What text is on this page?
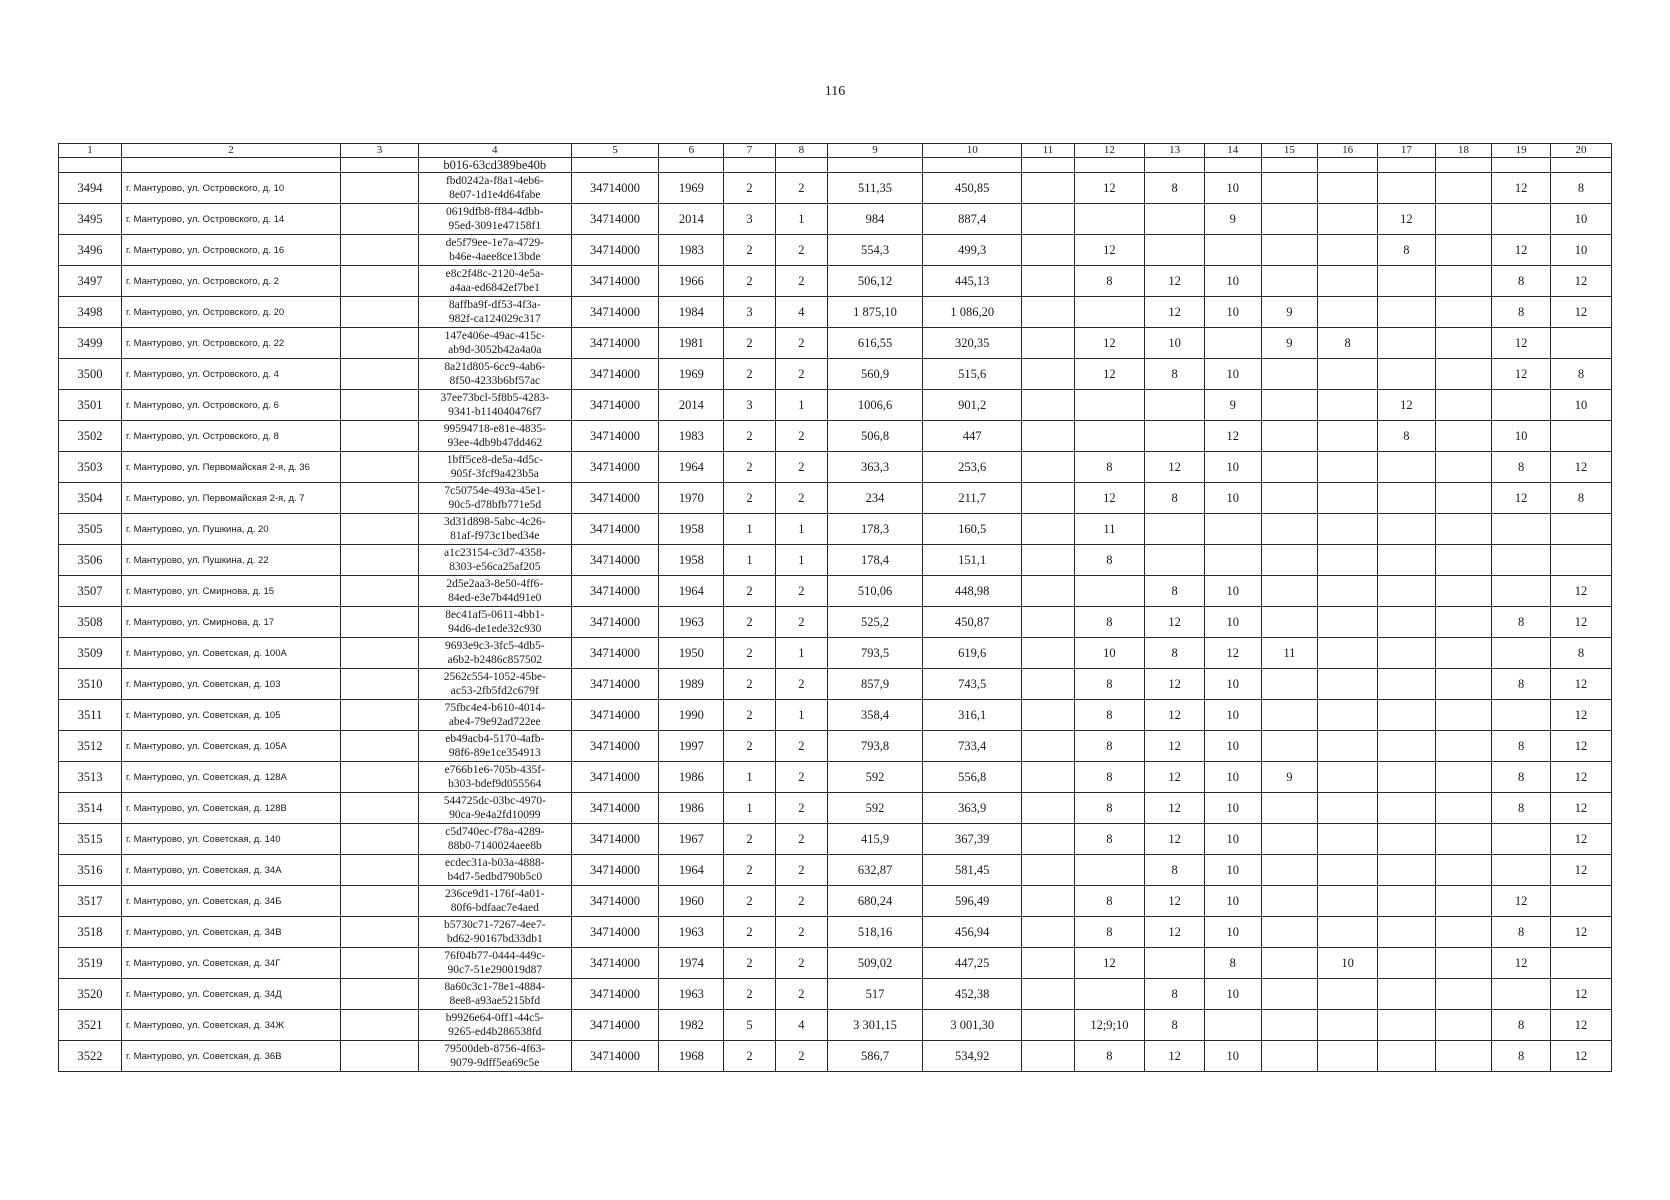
116
1	2	3	4	5	6	7	8	9	10	11	12	13	14	15	16	17	18	19	20
			b016-63cd389be40b																
3494	г. Мантурово, ул. Островского, д. 10		fbd0242a-f8a1-4eb6-
8e07-1d1e4d64fabe	34714000	1969	2	2	511,35	450,85		12	8	10					12	8
3495	г. Мантурово, ул. Островского, д. 14		0619dfb8-ff84-4dbb-
95ed-3091e47158f1	34714000	2014	3	1	984	887,4				9			12			10
3496	г. Мантурово, ул. Островского, д. 16		de5f79ee-1e7a-4729-
b46e-4aee8ce13bde	34714000	1983	2	2	554,3	499,3		12					8		12	10
3497	г. Мантурово, ул. Островского, д. 2		e8c2f48c-2120-4e5a-
a4aa-ed6842ef7be1	34714000	1966	2	2	506,12	445,13		8	12	10					8	12
3498	г. Мантурово, ул. Островского, д. 20		8affba9f-df53-4f3a-
982f-ca124029c317	34714000	1984	3	4	1 875,10	1 086,20			12	10	9				8	12
3499	г. Мантурово, ул. Островского, д. 22		147e406e-49ac-415c-
ab9d-3052b42a4a0a	34714000	1981	2	2	616,55	320,35		12	10		9	8			12	
3500	г. Мантурово, ул. Островского, д. 4		8a21d805-6cc9-4ab6-
8f50-4233b6bf57ac	34714000	1969	2	2	560,9	515,6		12	8	10					12	8
3501	г. Мантурово, ул. Островского, д. 6		37ee73bcl-5f8b5-4283-
9341-b114040476f7	34714000	2014	3	1	1006,6	901,2				9			12			10
3502	г. Мантурово, ул. Островского, д. 8		99594718-e81e-4835-
93ee-4db9b47dd462	34714000	1983	2	2	506,8	447				12			8		10	
3503	г. Мантурово, ул. Первомайская 2-я, д. 36		1bff5ce8-de5a-4d5c-
905f-3fcf9a423b5a	34714000	1964	2	2	363,3	253,6		8	12	10					8	12
3504	г. Мантурово, ул. Первомайская 2-я, д. 7		7c50754e-493a-45e1-
90c5-d78bfb771e5d	34714000	1970	2	2	234	211,7		12	8	10					12	8
3505	г. Мантурово, ул. Пушкина, д. 20		3d31d898-5abc-4c26-
81af-f973c1bed34e	34714000	1958	1	1	178,3	160,5		11								
3506	г. Мантурово, ул. Пушкина, д. 22		a1c23154-c3d7-4358-
8303-e56ca25af205	34714000	1958	1	1	178,4	151,1		8								
3507	г. Мантурово, ул. Смирнова, д. 15		2d5e2aa3-8e50-4ff6-
84ed-e3e7b44d91e0	34714000	1964	2	2	510,06	448,98			8	10						12
3508	г. Мантурово, ул. Смирнова, д. 17		8ec41af5-0611-4bb1-
94d6-de1ede32c930	34714000	1963	2	2	525,2	450,87		8	12	10					8	12
3509	г. Мантурово, ул. Советская, д. 100А		9693e9c3-3fc5-4db5-
a6b2-b2486c857502	34714000	1950	2	1	793,5	619,6		10	8	12	11					8
3510	г. Мантурово, ул. Советская, д. 103		2562c554-1052-45be-
ac53-2fb5fd2c679f	34714000	1989	2	2	857,9	743,5		8	12	10					8	12
3511	г. Мантурово, ул. Советская, д. 105		75fbc4e4-b610-4014-
abe4-79e92ad722ee	34714000	1990	2	1	358,4	316,1		8	12	10						12
3512	г. Мантурово, ул. Советская, д. 105А		eb49acb4-5170-4afb-
98f6-89e1ce354913	34714000	1997	2	2	793,8	733,4		8	12	10					8	12
3513	г. Мантурово, ул. Советская, д. 128А		e766b1e6-705b-435f-
b303-bdef9d055564	34714000	1986	1	2	592	556,8		8	12	10	9				8	12
3514	г. Мантурово, ул. Советская, д. 128В		544725dc-03bc-4970-
90ca-9e4a2fd10099	34714000	1986	1	2	592	363,9		8	12	10					8	12
3515	г. Мантурово, ул. Советская, д. 140		c5d740ec-f78a-4289-
88b0-7140024aee8b	34714000	1967	2	2	415,9	367,39		8	12	10						12
3516	г. Мантурово, ул. Советская, д. 34А		ecdec31a-b03a-4888-
b4d7-5edbd790b5c0	34714000	1964	2	2	632,87	581,45			8	10						12
3517	г. Мантурово, ул. Советская, д. 34Б		236ce9d1-176f-4a01-
80f6-bdfaac7e4aed	34714000	1960	2	2	680,24	596,49		8	12	10					12	
3518	г. Мантурово, ул. Советская, д. 34В		b5730c71-7267-4ee7-
bd62-90167bd33db1	34714000	1963	2	2	518,16	456,94		8	12	10					8	12
3519	г. Мантурово, ул. Советская, д. 34Г		76f04b77-0444-449c-
90c7-51e290019d87	34714000	1974	2	2	509,02	447,25		12		8		10			12	
3520	г. Мантурово, ул. Советская, д. 34Д		8a60c3c1-78e1-4884-
8ee8-a93ae5215bfd	34714000	1963	2	2	517	452,38			8	10						12
3521	г. Мантурово, ул. Советская, д. 34Ж		b9926e64-0ff1-44c5-
9265-ed4b286538fd	34714000	1982	5	4	3 301,15	3 001,30		12;9;10	8						8	12
3522	г. Мантурово, ул. Советская, д. 36В		79500deb-8756-4f63-
9079-9dff5ea69c5e	34714000	1968	2	2	586,7	534,92		8	12	10					8	12
